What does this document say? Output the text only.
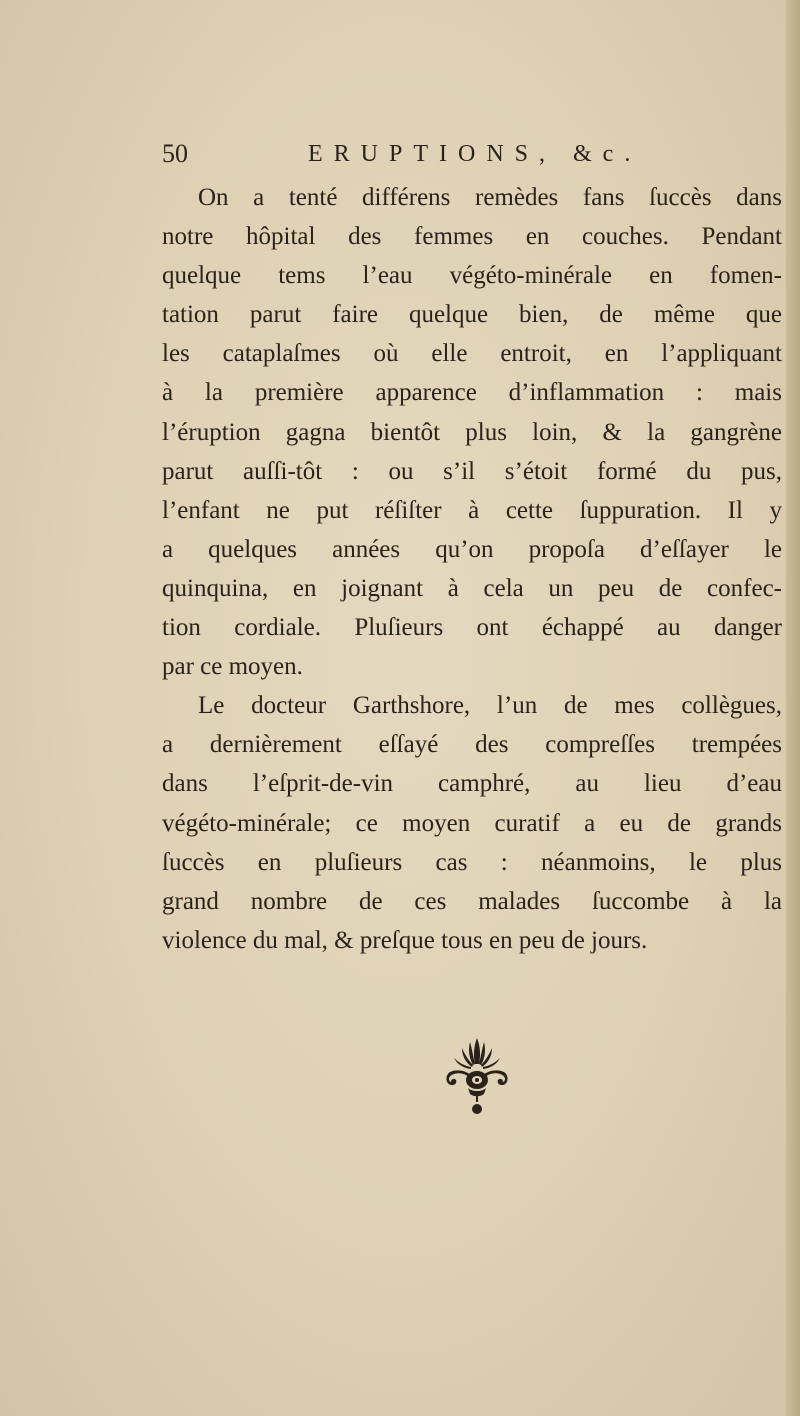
50	ERUPTIONS, &c.
On a tenté différens remèdes fans ſuccès dans
notre hôpital des femmes en couches. Pendant
quelque tems l’eau végéto-minérale en fomen-
tation parut faire quelque bien, de même que
les cataplaſmes où elle entroit, en l’appliquant
à la première apparence d’inflammation : mais
l’éruption gagna bientôt plus loin, & la gangrène
parut auſſi-tôt : ou s’il s’étoit formé du pus,
l’enfant ne put réſiſter à cette ſuppuration. Il y
a quelques années qu’on propoſa d’eſſayer le
quinquina, en joignant à cela un peu de confec-
tion cordiale. Pluſieurs ont échappé au danger
par ce moyen.
Le docteur Garthshore, l’un de mes collègues,
a dernièrement eſſayé des compreſſes trempées
dans l’eſprit-de-vin camphré, au lieu d’eau
végéto-minérale; ce moyen curatif a eu de grands
ſuccès en pluſieurs cas : néanmoins, le plus
grand nombre de ces malades ſuccombe à la
violence du mal, & preſque tous en peu de jours.
